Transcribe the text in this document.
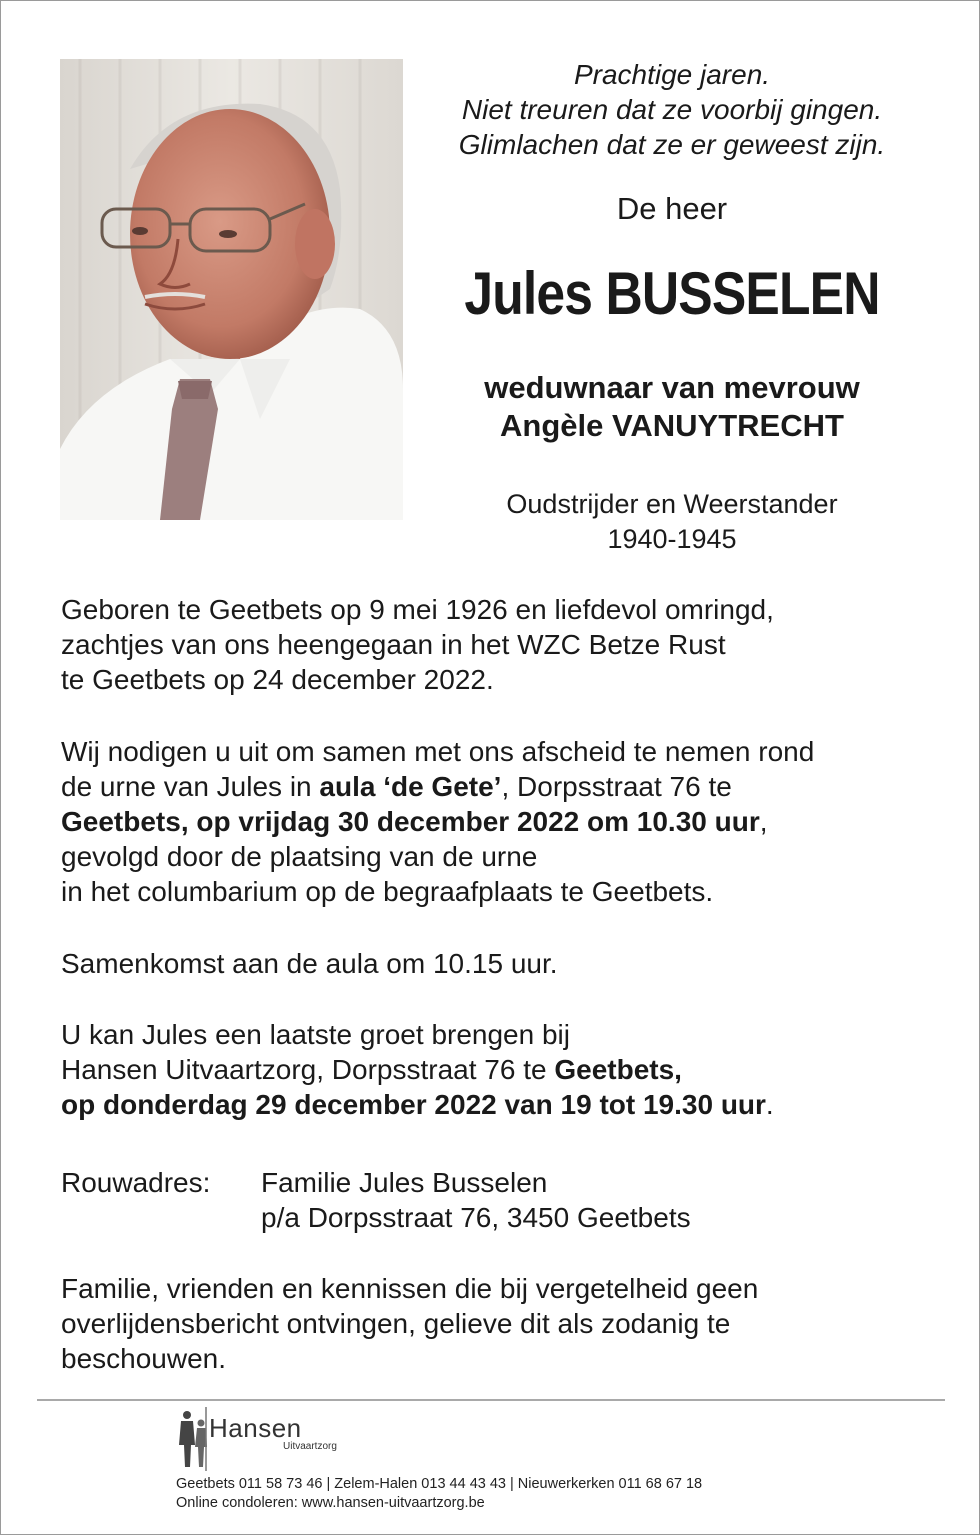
Prachtige jaren.
Niet treuren dat ze voorbij gingen.
Glimlachen dat ze er geweest zijn.
De heer
Jules BUSSELEN
weduwnaar van mevrouw
Angèle VANUYTRECHT
Oudstrijder en Weerstander
1940-1945

Geboren te Geetbets op 9 mei 1926 en liefdevol omringd,

zachtjes van ons heengegaan in het WZC Betze Rust

te Geetbets op 24 december 2022.

Wij nodigen u uit om samen met ons afscheid te nemen rond

de urne van Jules in aula ‘de Gete’, Dorpsstraat 76 te

Geetbets, op vrijdag 30 december 2022 om 10.30 uur,

gevolgd door de plaatsing van de urne

in het columbarium op de begraafplaats te Geetbets.

Samenkomst aan de aula om 10.15 uur.

U kan Jules een laatste groet brengen bij

Hansen Uitvaartzorg, Dorpsstraat 76 te Geetbets,

op donderdag 29 december 2022 van 19 tot 19.30 uur.

Rouwadres:	Familie Jules Busselen
p/a Dorpsstraat 76, 3450 Geetbets

Familie, vrienden en kennissen die bij vergetelheid geen

overlijdensbericht ontvingen, gelieve dit als zodanig te

beschouwen.

Hansen
Uitvaartzorg

Geetbets 011 58 73 46 | Zelem-Halen 013 44 43 43 | Nieuwerkerken 011 68 67 18

Online condoleren: www.hansen-uitvaartzorg.be
